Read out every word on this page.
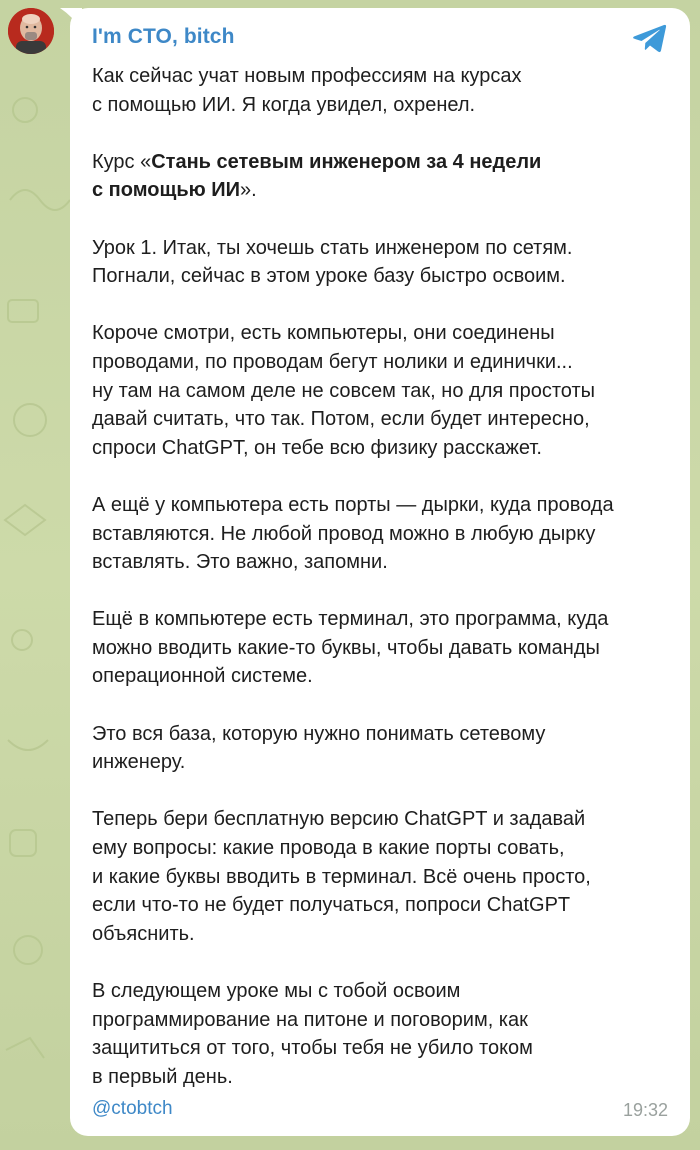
I'm CTO, bitch

Как сейчас учат новым профессиям на курсах
с помощью ИИ. Я когда увидел, охренел.

Курс «Стань сетевым инженером за 4 недели
с помощью ИИ».

Урок 1. Итак, ты хочешь стать инженером по сетям.
Погнали, сейчас в этом уроке базу быстро освоим.

Короче смотри, есть компьютеры, они соединены
проводами, по проводам бегут нолики и единички...
ну там на самом деле не совсем так, но для простоты
давай считать, что так. Потом, если будет интересно,
спроси ChatGPT, он тебе всю физику расскажет.

А ещё у компьютера есть порты — дырки, куда провода
вставляются. Не любой провод можно в любую дырку
вставлять. Это важно, запомни.

Ещё в компьютере есть терминал, это программа, куда
можно вводить какие-то буквы, чтобы давать команды
операционной системе.

Это вся база, которую нужно понимать сетевому
инженеру.

Теперь бери бесплатную версию ChatGPT и задавай
ему вопросы: какие провода в какие порты совать,
и какие буквы вводить в терминал. Всё очень просто,
если что-то не будет получаться, попроси ChatGPT
объяснить.

В следующем уроке мы с тобой освоим
программирование на питоне и поговорим, как
защититься от того, чтобы тебя не убило током
в первый день.

@ctobtch	19:32
